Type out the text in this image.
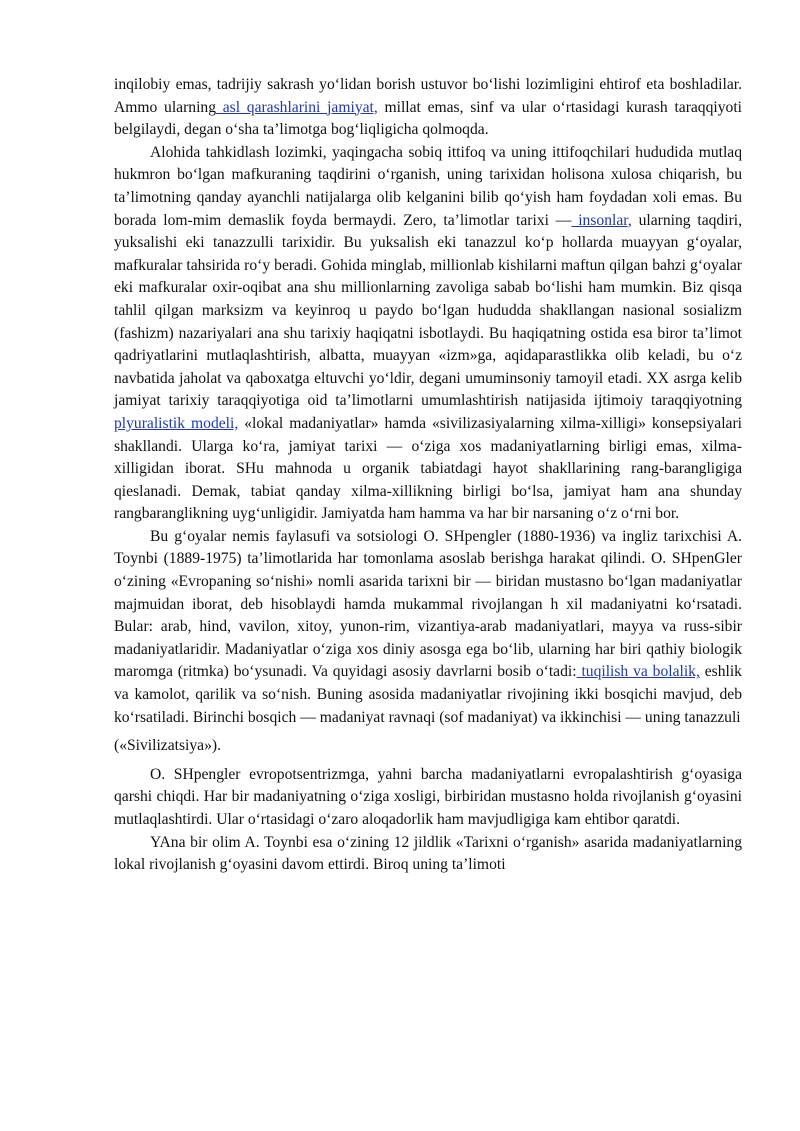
inqilobiy emas, tadrijiy sakrash yo‘lidan borish ustuvor bo‘lishi lozimligini ehtirof eta boshladilar. Ammo ularning asl qarashlarini jamiyat, millat emas, sinf va ular o‘rtasidagi kurash taraqqiyoti belgilaydi, degan o‘sha ta’limotga bog‘liqligicha qolmoqda.

Alohida tahkidlash lozimki, yaqingacha sobiq ittifoq va uning ittifoqchilari hududida mutlaq hukmron bo‘lgan mafkuraning taqdirini o‘rganish, uning tarixidan holisona xulosa chiqarish, bu ta’limotning qanday ayanchli natijalarga olib kelganini bilib qo‘yish ham foydadan xoli emas. Bu borada lom-mim demaslik foyda bermaydi. Zero, ta’limotlar tarixi — insonlar, ularning taqdiri, yuksalishi eki tanazzulli tarixidir. Bu yuksalish eki tanazzul ko‘p hollarda muayyan g‘oyalar, mafkuralar tahsirida ro‘y beradi. Gohida minglab, millionlab kishilarni maftun qilgan bahzi g‘oyalar eki mafkuralar oxir-oqibat ana shu millionlarning zavoliga sabab bo‘lishi ham mumkin. Biz qisqa tahlil qilgan marksizm va keyinroq u paydo bo‘lgan hududda shakllangan nasional sosializm (fashizm) nazariyalari ana shu tarixiy haqiqatni isbotlaydi. Bu haqiqatning ostida esa biror ta’limot qadriyatlarini mutlaqlashtirish, albatta, muayyan «izm»ga, aqidaparastlikka olib keladi, bu o‘z navbatida jaholat va qaboxatga eltuvchi yo‘ldir, degani umuminsoniy tamoyil etadi. XX asrga kelib jamiyat tarixiy taraqqiyotiga oid ta’limotlarni umumlashtirish natijasida ijtimoiy taraqqiyotning plyuralistik modeli, «lokal madaniyatlar» hamda «sivilizasiyalarning xilma-xilligi» konsepsiyalari shakllandi. Ularga ko‘ra, jamiyat tarixi — o‘ziga xos madaniyatlarning birligi emas, xilma-xilligidan iborat. SHu mahnoda u organik tabiatdagi hayot shakllarining rang-barangligiga qieslanadi. Demak, tabiat qanday xilma-xillikning birligi bo‘lsa, jamiyat ham ana shunday rangbaranglikning uyg‘unligidir. Jamiyatda ham hamma va har bir narsaning o‘z o‘rni bor.

Bu g‘oyalar nemis faylasufi va sotsiologi O. SHpengler (1880-1936) va ingliz tarixchisi A. Toynbi (1889-1975) ta’limotlarida har tomonlama asoslab berishga harakat qilindi. O. SHpenGler o‘zining «Evropaning so‘nishi» nomli asarida tarixni bir — biridan mustasno bo‘lgan madaniyatlar majmuidan iborat, deb hisoblaydi hamda mukammal rivojlangan h xil madaniyatni ko‘rsatadi. Bular: arab, hind, vavilon, xitoy, yunon-rim, vizantiya-arab madaniyatlari, mayya va russ-sibir madaniyatlaridir. Madaniyatlar o‘ziga xos diniy asosga ega bo‘lib, ularning har biri qathiy biologik maromga (ritmka) bo‘ysunadi. Va quyidagi asosiy davrlarni bosib o‘tadi: tuqilish va bolalik, eshlik va kamolot, qarilik va so‘nish. Buning asosida madaniyatlar rivojining ikki bosqichi mavjud, deb ko‘rsatiladi. Birinchi bosqich — madaniyat ravnaqi (sof madaniyat) va ikkinchisi — uning tanazzuli

(«Sivilizatsiya»).

O. SHpengler evropotsentrizmga, yahni barcha madaniyatlarni evropalashtirish g‘oyasiga qarshi chiqdi. Har bir madaniyatning o‘ziga xosligi, birbiridan mustasno holda rivojlanish g‘oyasini mutlaqlashtirdi. Ular o‘rtasidagi o‘zaro aloqadorlik ham mavjudligiga kam ehtibor qaratdi.

YAna bir olim A. Toynbi esa o‘zining 12 jildlik «Tarixni o‘rganish» asarida madaniyatlarning lokal rivojlanish g‘oyasini davom ettirdi. Biroq uning ta’limoti
